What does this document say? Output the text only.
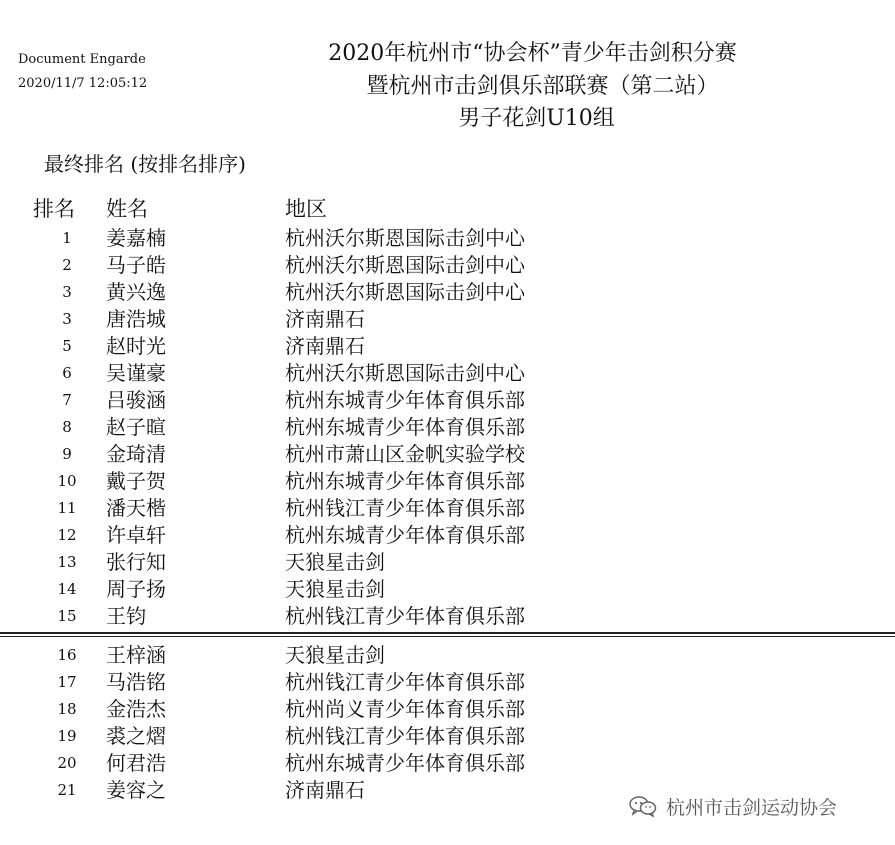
Document Engarde
2020/11/7 12:05:12
2020年杭州市“协会杯”青少年击剑积分赛
暨杭州市击剑俱乐部联赛（第二站）
男子花剑U10组
最终排名 (按排名排序)
排名 姓名	地区
1	姜嘉楠	杭州沃尔斯恩国际击剑中心
2	马子皓	杭州沃尔斯恩国际击剑中心
3	黄兴逸	杭州沃尔斯恩国际击剑中心
3	唐浩城	济南鼎石
5	赵时光	济南鼎石
6	吴谨豪	杭州沃尔斯恩国际击剑中心
7	吕骏涵	杭州东城青少年体育俱乐部
8	赵子暄	杭州东城青少年体育俱乐部
9	金琦清	杭州市萧山区金帆实验学校
10	戴子贺	杭州东城青少年体育俱乐部
11	潘天楷	杭州钱江青少年体育俱乐部
12	许卓轩	杭州东城青少年体育俱乐部
13	张行知	天狼星击剑
14	周子扬	天狼星击剑
15	王钧	杭州钱江青少年体育俱乐部
16	王梓涵	天狼星击剑
17	马浩铭	杭州钱江青少年体育俱乐部
18	金浩杰	杭州尚义青少年体育俱乐部
19	裘之熠	杭州钱江青少年体育俱乐部
20	何君浩	杭州东城青少年体育俱乐部
21	姜容之	济南鼎石
杭州市击剑运动协会
